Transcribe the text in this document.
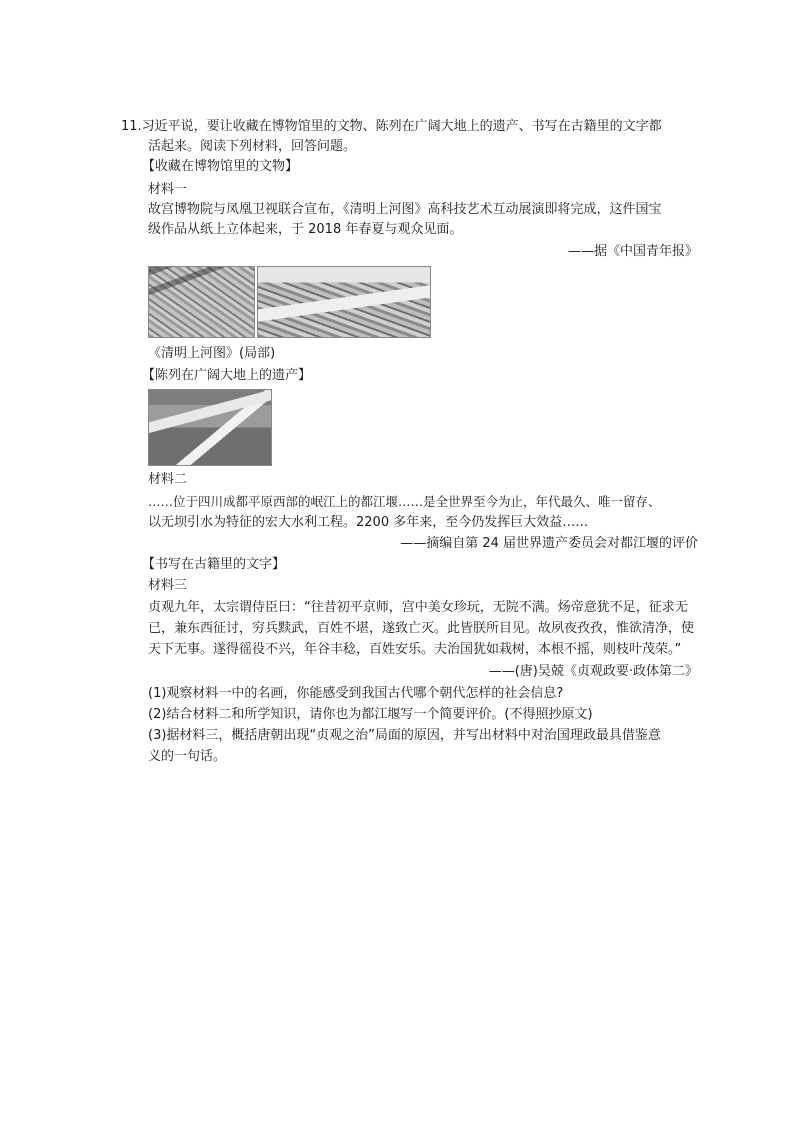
11.习近平说，要让收藏在博物馆里的文物、陈列在广阔大地上的遗产、书写在古籍里的文字都
活起来。阅读下列材料，回答问题。
【收藏在博物馆里的文物】
材料一
故宫博物院与凤凰卫视联合宣布，《清明上河图》高科技艺术互动展演即将完成，这件国宝
级作品从纸上立体起来，于 2018 年春夏与观众见面。
——据《中国青年报》
《清明上河图》(局部)
【陈列在广阔大地上的遗产】
材料二
……位于四川成都平原西部的岷江上的都江堰……是全世界至今为止，年代最久、唯一留存、
以无坝引水为特征的宏大水利工程。2200 多年来，至今仍发挥巨大效益……
——摘编自第 24 届世界遗产委员会对都江堰的评价
【书写在古籍里的文字】
材料三
贞观九年，太宗谓侍臣曰：“往昔初平京师，宫中美女珍玩，无院不满。炀帝意犹不足，征求无
已，兼东西征讨，穷兵黩武，百姓不堪，遂致亡灭。此皆朕所目见。故夙夜孜孜，惟欲清净，使
天下无事。遂得徭役不兴，年谷丰稔，百姓安乐。夫治国犹如栽树，本根不摇，则枝叶茂荣。”
——(唐)吴兢《贞观政要·政体第二》
(1)观察材料一中的名画，你能感受到我国古代哪个朝代怎样的社会信息?
(2)结合材料二和所学知识，请你也为都江堰写一个简要评价。(不得照抄原文)
(3)据材料三，概括唐朝出现“贞观之治”局面的原因，并写出材料中对治国理政最具借鉴意
义的一句话。
